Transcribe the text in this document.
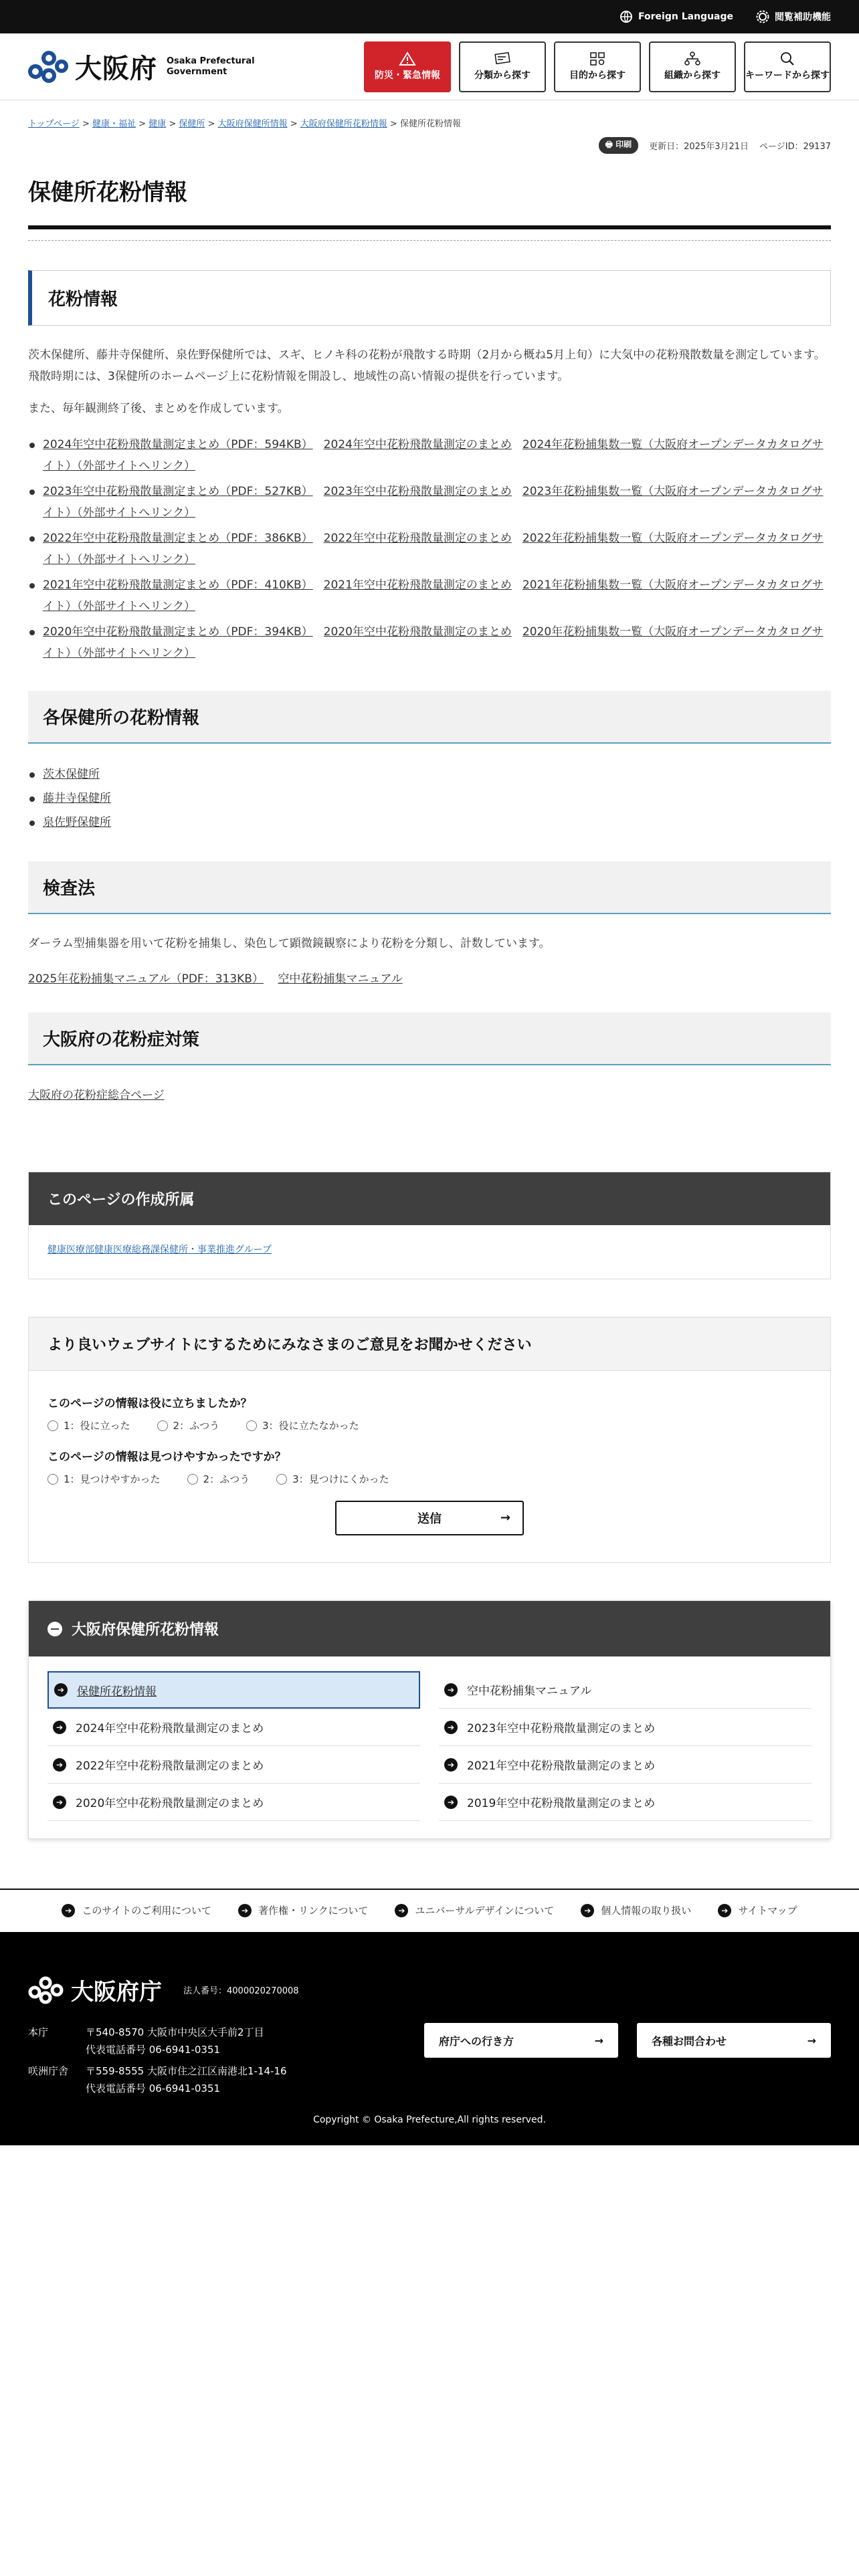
Foreign Language	閲覧補助機能
大阪府 Osaka Prefectural
Government	防災・緊急情報	分類から探す	目的から探す	組織から探す	キーワードから探す
トップページ > 健康・福祉 > 健康 > 保健所 > 大阪府保健所情報 > 大阪府保健所花粉情報 > 保健所花粉情報
🖶 印刷	更新日：2025年3月21日 ページID：29137
保健所花粉情報
花粉情報

茨木保健所、藤井寺保健所、泉佐野保健所では、スギ、ヒノキ科の花粉が飛散する時期（2月から概ね5月上旬）に大気中の花粉飛散数量を測定しています。飛散時期には、3保健所のホームページ上に花粉情報を開設し、地域性の高い情報の提供を行っています。

また、毎年観測終了後、まとめを作成しています。

2024年空中花粉飛散量測定まとめ（PDF：594KB） 2024年空中花粉飛散量測定のまとめ 2024年花粉捕集数一覧（大阪府オープンデータカタログサイト）（外部サイトへリンク）
2023年空中花粉飛散量測定まとめ（PDF：527KB） 2023年空中花粉飛散量測定のまとめ 2023年花粉捕集数一覧（大阪府オープンデータカタログサイト）（外部サイトへリンク）
2022年空中花粉飛散量測定まとめ（PDF：386KB） 2022年空中花粉飛散量測定のまとめ 2022年花粉捕集数一覧（大阪府オープンデータカタログサイト）（外部サイトへリンク）
2021年空中花粉飛散量測定まとめ（PDF：410KB） 2021年空中花粉飛散量測定のまとめ 2021年花粉捕集数一覧（大阪府オープンデータカタログサイト）（外部サイトへリンク）
2020年空中花粉飛散量測定まとめ（PDF：394KB） 2020年空中花粉飛散量測定のまとめ 2020年花粉捕集数一覧（大阪府オープンデータカタログサイト）（外部サイトへリンク）
各保健所の花粉情報
茨木保健所
藤井寺保健所
泉佐野保健所
検査法

ダーラム型捕集器を用いて花粉を捕集し、染色して顕微鏡観察により花粉を分類し、計数しています。

2025年花粉捕集マニュアル（PDF：313KB） 空中花粉捕集マニュアル
大阪府の花粉症対策
大阪府の花粉症総合ページ
このページの作成所属
健康医療部健康医療総務課保健所・事業推進グループ
より良いウェブサイトにするためにみなさまのご意見をお聞かせください
このページの情報は役に立ちましたか？
1：役に立った	2：ふつう	3：役に立たなかった
このページの情報は見つけやすかったですか？
1：見つけやすかった	2：ふつう	3：見つけにくかった
送信	→
大阪府保健所花粉情報
➔ 保健所花粉情報	➔ 空中花粉捕集マニュアル
➔ 2024年空中花粉飛散量測定のまとめ	➔ 2023年空中花粉飛散量測定のまとめ
➔ 2022年空中花粉飛散量測定のまとめ	➔ 2021年空中花粉飛散量測定のまとめ
➔ 2020年空中花粉飛散量測定のまとめ	➔ 2019年空中花粉飛散量測定のまとめ
➔ このサイトのご利用について	➔ 著作権・リンクについて	➔ ユニバーサルデザインについて	➔ 個人情報の取り扱い	➔ サイトマップ
大阪府庁 法人番号：4000020270008
本庁	〒540-8570 大阪市中央区大手前2丁目
代表電話番号 06-6941-0351
咲洲庁舎	〒559-8555 大阪市住之江区南港北1-14-16
代表電話番号 06-6941-0351
府庁への行き方	→	各種お問合わせ	→
Copyright © Osaka Prefecture,All rights reserved.
